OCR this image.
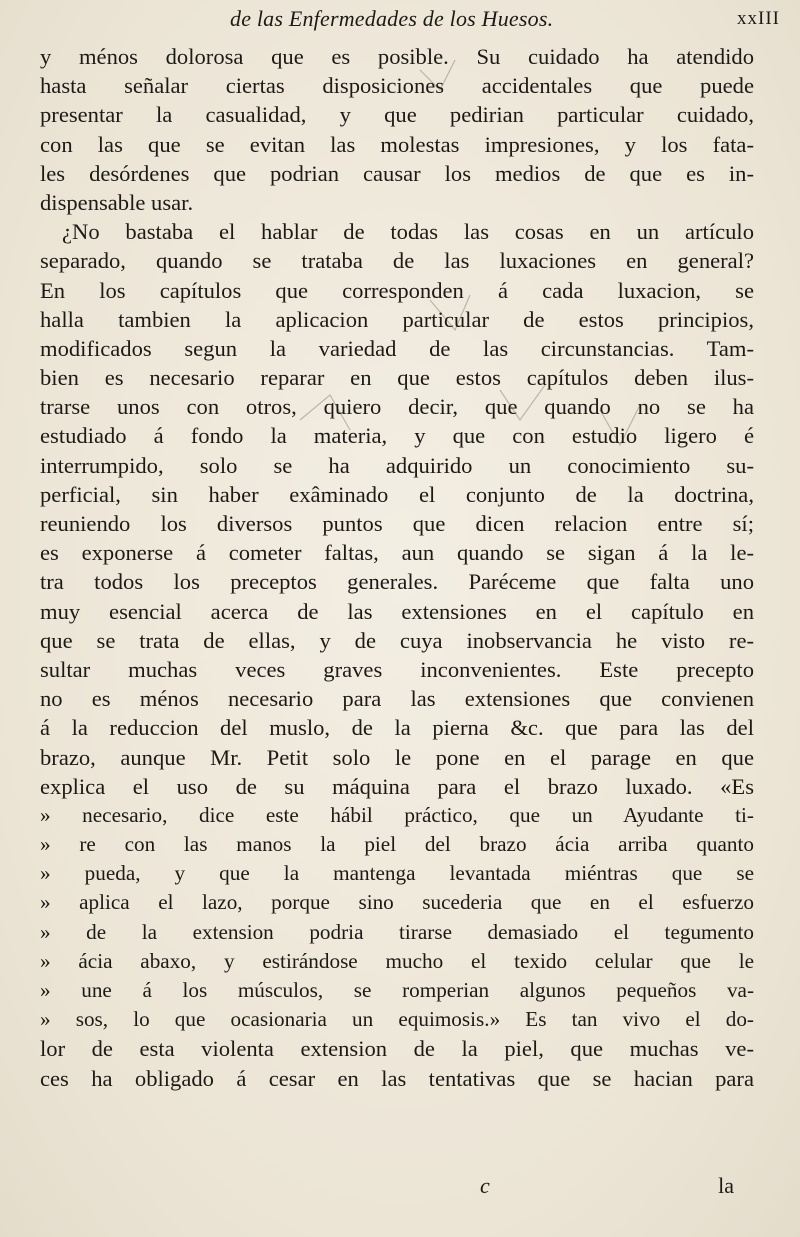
de las Enfermedades de los Huesos.	xxIII
y ménos dolorosa que es posible. Su cuidado ha atendido
hasta señalar ciertas disposiciones accidentales que puede
presentar la casualidad, y que pedirian particular cuidado,
con las que se evitan las molestas impresiones, y los fata-
les desórdenes que podrian causar los medios de que es in-
dispensable usar.
¿No bastaba el hablar de todas las cosas en un artículo
separado, quando se trataba de las luxaciones en general?
En los capítulos que corresponden á cada luxacion, se
halla tambien la aplicacion particular de estos principios,
modificados segun la variedad de las circunstancias. Tam-
bien es necesario reparar en que estos capítulos deben ilus-
trarse unos con otros, quiero decir, que quando no se ha
estudiado á fondo la materia, y que con estudio ligero é
interrumpido, solo se ha adquirido un conocimiento su-
perficial, sin haber exâminado el conjunto de la doctrina,
reuniendo los diversos puntos que dicen relacion entre sí;
es exponerse á cometer faltas, aun quando se sigan á la le-
tra todos los preceptos generales. Paréceme que falta uno
muy esencial acerca de las extensiones en el capítulo en
que se trata de ellas, y de cuya inobservancia he visto re-
sultar muchas veces graves inconvenientes. Este precepto
no es ménos necesario para las extensiones que convienen
á la reduccion del muslo, de la pierna &c. que para las del
brazo, aunque Mr. Petit solo le pone en el parage en que
explica el uso de su máquina para el brazo luxado. «Es
» necesario, dice este hábil práctico, que un Ayudante ti-
» re con las manos la piel del brazo ácia arriba quanto
» pueda, y que la mantenga levantada miéntras que se
» aplica el lazo, porque sino sucederia que en el esfuerzo
» de la extension podria tirarse demasiado el tegumento
» ácia abaxo, y estirándose mucho el texido celular que le
» une á los músculos, se romperian algunos pequeños va-
» sos, lo que ocasionaria un equimosis.» Es tan vivo el do-
lor de esta violenta extension de la piel, que muchas ve-
ces ha obligado á cesar en las tentativas que se hacian para
c	la
